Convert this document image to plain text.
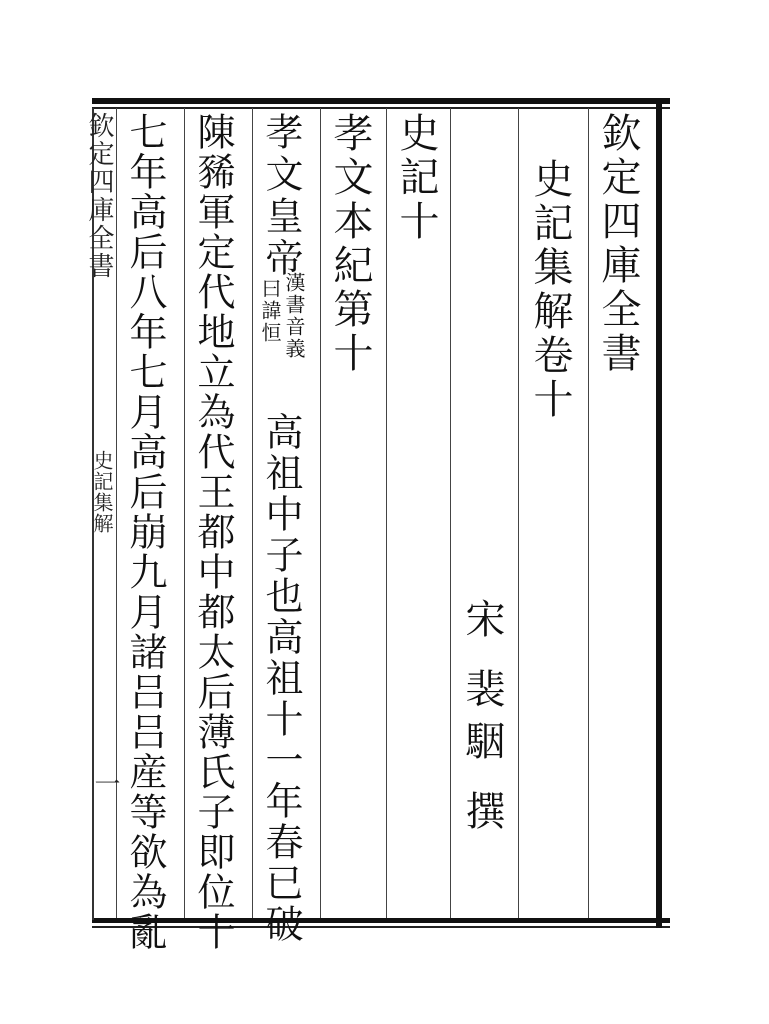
欽定四庫全書
史記集解卷十
宋
裴駰
撰
史記十
孝文本紀第十
孝文皇帝
漢書音義
曰諱恒
高祖中子也高祖十一年春已破
陳豨軍定代地立為代王都中都太后薄氏子即位十
七年高后八年七月高后崩九月諸吕吕産等欲為亂
欽定四庫全書
史記集解
一
